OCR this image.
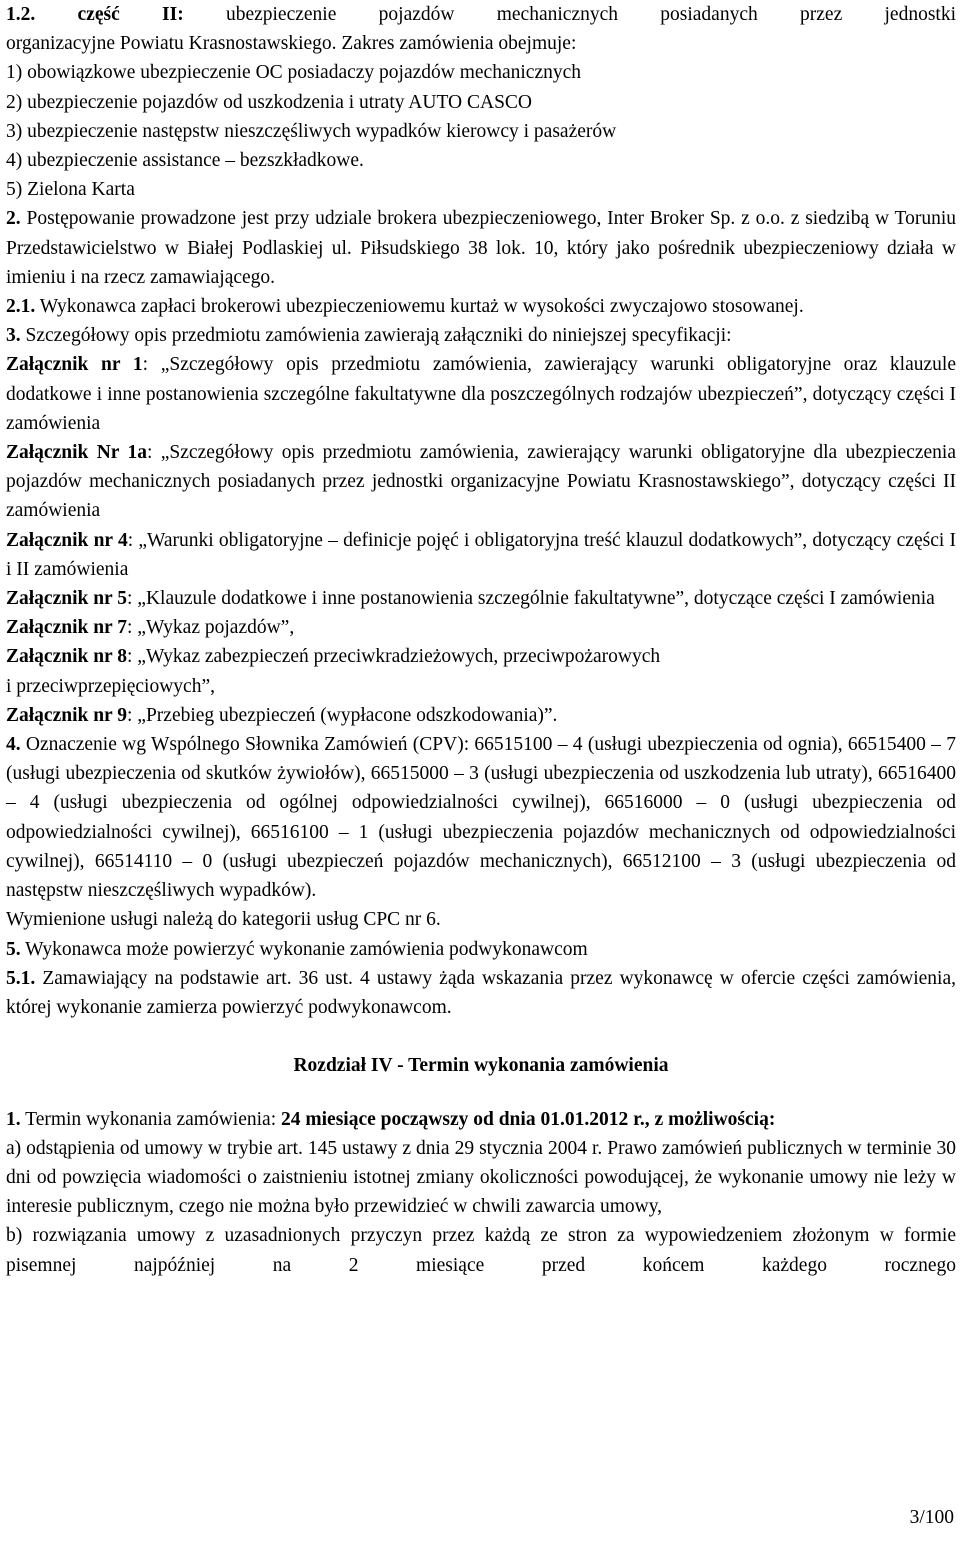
1.2. część II: ubezpieczenie pojazdów mechanicznych posiadanych przez jednostki

organizacyjne Powiatu Krasnostawskiego. Zakres zamówienia obejmuje:

1) obowiązkowe ubezpieczenie OC posiadaczy pojazdów mechanicznych

2) ubezpieczenie pojazdów od uszkodzenia i utraty AUTO CASCO

3) ubezpieczenie następstw nieszczęśliwych wypadków kierowcy i pasażerów

4) ubezpieczenie assistance – bezszkładkowe.

5) Zielona Karta

2. Postępowanie prowadzone jest przy udziale brokera ubezpieczeniowego, Inter Broker Sp. z o.o. z siedzibą w Toruniu Przedstawicielstwo w Białej Podlaskiej ul. Piłsudskiego 38 lok. 10, który jako pośrednik ubezpieczeniowy działa w imieniu i na rzecz zamawiającego.

2.1. Wykonawca zapłaci brokerowi ubezpieczeniowemu kurtaż w wysokości zwyczajowo stosowanej.

3. Szczegółowy opis przedmiotu zamówienia zawierają załączniki do niniejszej specyfikacji:

Załącznik nr 1: „Szczegółowy opis przedmiotu zamówienia, zawierający warunki obligatoryjne oraz klauzule dodatkowe i inne postanowienia szczególne fakultatywne dla poszczególnych rodzajów ubezpieczeń”, dotyczący części I zamówienia

Załącznik Nr 1a: „Szczegółowy opis przedmiotu zamówienia, zawierający warunki obligatoryjne dla ubezpieczenia pojazdów mechanicznych posiadanych przez jednostki organizacyjne Powiatu Krasnostawskiego”, dotyczący części II zamówienia

Załącznik nr 4: „Warunki obligatoryjne – definicje pojęć i obligatoryjna treść klauzul dodatkowych”, dotyczący części I i II zamówienia

Załącznik nr 5: „Klauzule dodatkowe i inne postanowienia szczególnie fakultatywne”, dotyczące części I zamówienia

Załącznik nr 7: „Wykaz pojazdów”,

Załącznik nr 8: „Wykaz zabezpieczeń przeciwkradzieżowych, przeciwpożarowych

i przeciwprzepięciowych”,

Załącznik nr 9: „Przebieg ubezpieczeń (wypłacone odszkodowania)”.

4. Oznaczenie wg Wspólnego Słownika Zamówień (CPV): 66515100 – 4 (usługi ubezpieczenia od ognia), 66515400 – 7 (usługi ubezpieczenia od skutków żywiołów), 66515000 – 3 (usługi ubezpieczenia od uszkodzenia lub utraty), 66516400 – 4 (usługi ubezpieczenia od ogólnej odpowiedzialności cywilnej), 66516000 – 0 (usługi ubezpieczenia od odpowiedzialności cywilnej), 66516100 – 1 (usługi ubezpieczenia pojazdów mechanicznych od odpowiedzialności cywilnej), 66514110 – 0 (usługi ubezpieczeń pojazdów mechanicznych), 66512100 – 3 (usługi ubezpieczenia od następstw nieszczęśliwych wypadków).

Wymienione usługi należą do kategorii usług CPC nr 6.

5. Wykonawca może powierzyć wykonanie zamówienia podwykonawcom

5.1. Zamawiający na podstawie art. 36 ust. 4 ustawy żąda wskazania przez wykonawcę w ofercie części zamówienia, której wykonanie zamierza powierzyć podwykonawcom.

Rozdział IV - Termin wykonania zamówienia

1. Termin wykonania zamówienia: 24 miesiące począwszy od dnia 01.01.2012 r., z możliwością:

a) odstąpienia od umowy w trybie art. 145 ustawy z dnia 29 stycznia 2004 r. Prawo zamówień publicznych w terminie 30 dni od powzięcia wiadomości o zaistnieniu istotnej zmiany okoliczności powodującej, że wykonanie umowy nie leży w interesie publicznym, czego nie można było przewidzieć w chwili zawarcia umowy,

b) rozwiązania umowy z uzasadnionych przyczyn przez każdą ze stron za wypowiedzeniem złożonym w formie pisemnej najpóźniej na 2 miesiące przed końcem każdego rocznego

3/100
